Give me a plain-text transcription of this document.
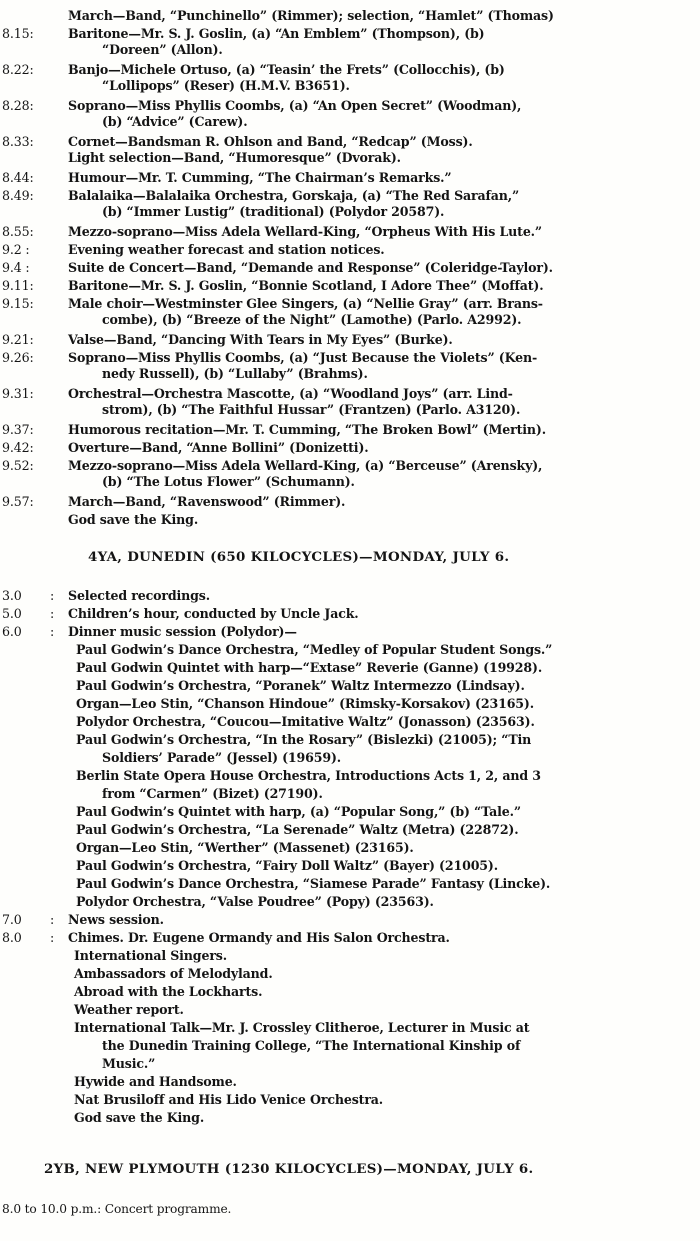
March—Band, “Punchinello” (Rimmer); selection, “Hamlet” (Thomas)
8.15:	Baritone—Mr. S. J. Goslin, (a) “An Emblem” (Thompson), (b)
“Doreen” (Allon).
8.22:	Banjo—Michele Ortuso, (a) “Teasin’ the Frets” (Collocchis), (b)
“Lollipops” (Reser) (H.M.V. B3651).
8.28:	Soprano—Miss Phyllis Coombs, (a) “An Open Secret” (Woodman),
(b) “Advice” (Carew).
8.33:	Cornet—Bandsman R. Ohlson and Band, “Redcap” (Moss).
Light selection—Band, “Humoresque” (Dvorak).
8.44:	Humour—Mr. T. Cumming, “The Chairman’s Remarks.”
8.49:	Balalaika—Balalaika Orchestra, Gorskaja, (a) “The Red Sarafan,”
(b) “Immer Lustig” (traditional) (Polydor 20587).
8.55:	Mezzo-soprano—Miss Adela Wellard-King, “Orpheus With His Lute.”
9.2 :	Evening weather forecast and station notices.
9.4 :	Suite de Concert—Band, “Demande and Response” (Coleridge-Taylor).
9.11:	Baritone—Mr. S. J. Goslin, “Bonnie Scotland, I Adore Thee” (Moffat).
9.15:	Male choir—Westminster Glee Singers, (a) “Nellie Gray” (arr. Brans-
combe), (b) “Breeze of the Night” (Lamothe) (Parlo. A2992).
9.21:	Valse—Band, “Dancing With Tears in My Eyes” (Burke).
9.26:	Soprano—Miss Phyllis Coombs, (a) “Just Because the Violets” (Ken-
nedy Russell), (b) “Lullaby” (Brahms).
9.31:	Orchestral—Orchestra Mascotte, (a) “Woodland Joys” (arr. Lind-
strom), (b) “The Faithful Hussar” (Frantzen) (Parlo. A3120).
9.37:	Humorous recitation—Mr. T. Cumming, “The Broken Bowl” (Mertin).
9.42:	Overture—Band, “Anne Bollini” (Donizetti).
9.52:	Mezzo-soprano—Miss Adela Wellard-King, (a) “Berceuse” (Arensky),
(b) “The Lotus Flower” (Schumann).
9.57:	March—Band, “Ravenswood” (Rimmer).
God save the King.
4YA, DUNEDIN (650 KILOCYCLES)—MONDAY, JULY 6.
3.0 : Selected recordings.
5.0 : Children’s hour, conducted by Uncle Jack.
6.0 : Dinner music session (Polydor)—
Paul Godwin’s Dance Orchestra, “Medley of Popular Student Songs.”
Paul Godwin Quintet with harp—“Extase” Reverie (Ganne) (19928).
Paul Godwin’s Orchestra, “Poranek” Waltz Intermezzo (Lindsay).
Organ—Leo Stin, “Chanson Hindoue” (Rimsky-Korsakov) (23165).
Polydor Orchestra, “Coucou—Imitative Waltz” (Jonasson) (23563).
Paul Godwin’s Orchestra, “In the Rosary” (Bislezki) (21005); “Tin
Soldiers’ Parade” (Jessel) (19659).
Berlin State Opera House Orchestra, Introductions Acts 1, 2, and 3
from “Carmen” (Bizet) (27190).
Paul Godwin’s Quintet with harp, (a) “Popular Song,” (b) “Tale.”
Paul Godwin’s Orchestra, “La Serenade” Waltz (Metra) (22872).
Organ—Leo Stin, “Werther” (Massenet) (23165).
Paul Godwin’s Orchestra, “Fairy Doll Waltz” (Bayer) (21005).
Paul Godwin’s Dance Orchestra, “Siamese Parade” Fantasy (Lincke).
Polydor Orchestra, “Valse Poudree” (Popy) (23563).
7.0 : News session.
8.0 : Chimes. Dr. Eugene Ormandy and His Salon Orchestra.
International Singers.
Ambassadors of Melodyland.
Abroad with the Lockharts.
Weather report.
International Talk—Mr. J. Crossley Clitheroe, Lecturer in Music at
the Dunedin Training College, “The International Kinship of
Music.”
Hywide and Handsome.
Nat Brusiloff and His Lido Venice Orchestra.
God save the King.
2YB, NEW PLYMOUTH (1230 KILOCYCLES)—MONDAY, JULY 6.
8.0 to 10.0 p.m.: Concert programme.
